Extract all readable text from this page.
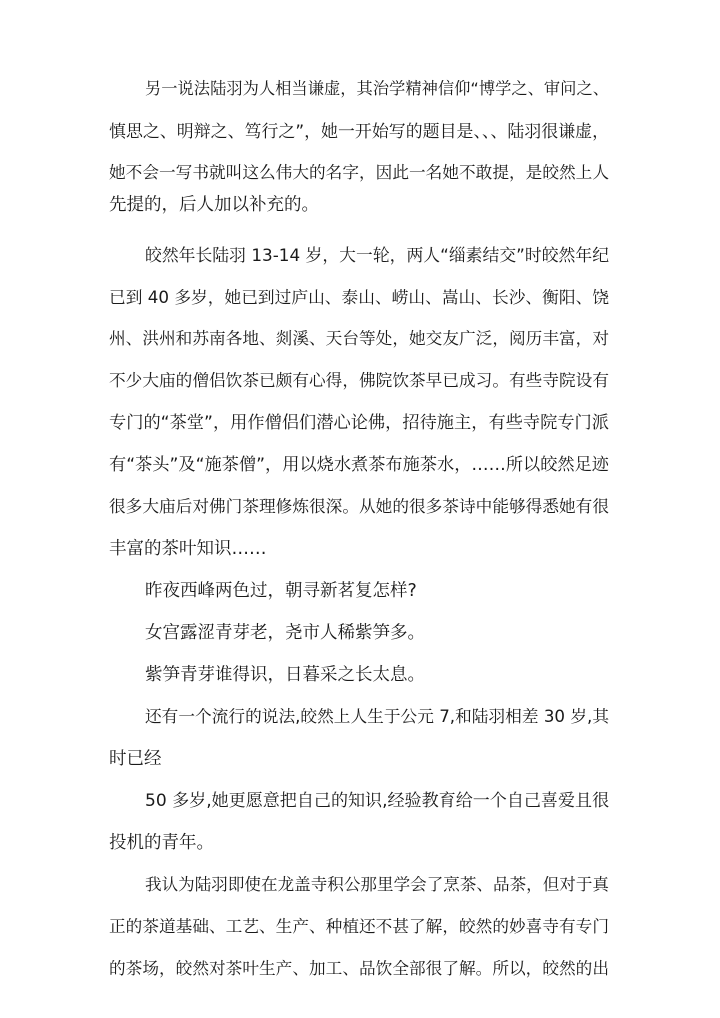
另一说法陆羽为人相当谦虚，其治学精神信仰“博学之、审问之、
慎思之、明辩之、笃行之”，她一开始写的题目是、、、陆羽很谦虚，
她不会一写书就叫这么伟大的名字，因此一名她不敢提，是皎然上人
先提的，后人加以补充的。
皎然年长陆羽 13-14 岁，大一轮，两人“缁素结交”时皎然年纪
已到 40 多岁，她已到过庐山、泰山、崂山、嵩山、长沙、衡阳、饶
州、洪州和苏南各地、剡溪、天台等处，她交友广泛，阅历丰富，对
不少大庙的僧侣饮茶已颇有心得，佛院饮茶早已成习。有些寺院设有
专门的“茶堂”，用作僧侣们潜心论佛，招待施主，有些寺院专门派
有“茶头”及“施茶僧”，用以烧水煮茶布施茶水，……所以皎然足迹
很多大庙后对佛门茶理修炼很深。从她的很多茶诗中能够得悉她有很
丰富的茶叶知识……
昨夜西峰两色过，朝寻新茗复怎样?
女宫露涩青芽老，尧市人稀紫笋多。
紫笋青芽谁得识，日暮采之长太息。
还有一个流行的说法,皎然上人生于公元 7,和陆羽相差 30 岁,其
时已经
50 多岁,她更愿意把自己的知识,经验教育给一个自己喜爱且很
投机的青年。
我认为陆羽即使在龙盖寺积公那里学会了烹茶、品茶，但对于真
正的茶道基础、工艺、生产、种植还不甚了解，皎然的妙喜寺有专门
的茶场，皎然对茶叶生产、加工、品饮全部很了解。所以，皎然的出
